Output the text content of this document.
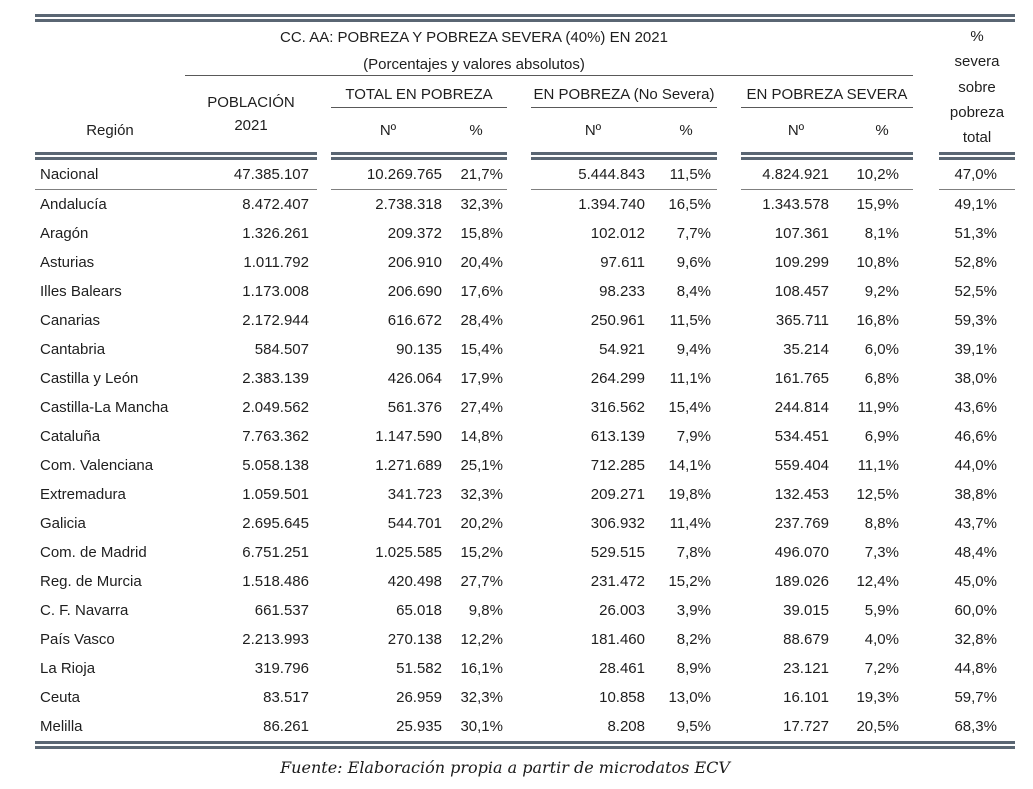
CC. AA: POBREZA Y POBREZA SEVERA (40%) EN 2021
(Porcentajes y valores absolutos)
TOTAL EN POBREZA	EN POBREZA (No Severa)	EN POBREZA SEVERA
Región
POBLACIÓN
2021	Nº	%	Nº	%	Nº	%
%
severa
sobre
pobreza
total
Nacional	47.385.107	10.269.765	21,7%	5.444.843	11,5%	4.824.921	10,2%	47,0%
Andalucía	8.472.407	2.738.318	32,3%	1.394.740	16,5%	1.343.578	15,9%	49,1%
Aragón	1.326.261	209.372	15,8%	102.012	7,7%	107.361	8,1%	51,3%
Asturias	1.011.792	206.910	20,4%	97.611	9,6%	109.299	10,8%	52,8%
Illes Balears	1.173.008	206.690	17,6%	98.233	8,4%	108.457	9,2%	52,5%
Canarias	2.172.944	616.672	28,4%	250.961	11,5%	365.711	16,8%	59,3%
Cantabria	584.507	90.135	15,4%	54.921	9,4%	35.214	6,0%	39,1%
Castilla y León	2.383.139	426.064	17,9%	264.299	11,1%	161.765	6,8%	38,0%
Castilla-La Mancha	2.049.562	561.376	27,4%	316.562	15,4%	244.814	11,9%	43,6%
Cataluña	7.763.362	1.147.590	14,8%	613.139	7,9%	534.451	6,9%	46,6%
Com. Valenciana	5.058.138	1.271.689	25,1%	712.285	14,1%	559.404	11,1%	44,0%
Extremadura	1.059.501	341.723	32,3%	209.271	19,8%	132.453	12,5%	38,8%
Galicia	2.695.645	544.701	20,2%	306.932	11,4%	237.769	8,8%	43,7%
Com. de Madrid	6.751.251	1.025.585	15,2%	529.515	7,8%	496.070	7,3%	48,4%
Reg. de Murcia	1.518.486	420.498	27,7%	231.472	15,2%	189.026	12,4%	45,0%
C. F. Navarra	661.537	65.018	9,8%	26.003	3,9%	39.015	5,9%	60,0%
País Vasco	2.213.993	270.138	12,2%	181.460	8,2%	88.679	4,0%	32,8%
La Rioja	319.796	51.582	16,1%	28.461	8,9%	23.121	7,2%	44,8%
Ceuta	83.517	26.959	32,3%	10.858	13,0%	16.101	19,3%	59,7%
Melilla	86.261	25.935	30,1%	8.208	9,5%	17.727	20,5%	68,3%
Fuente: Elaboración propia a partir de microdatos ECV
